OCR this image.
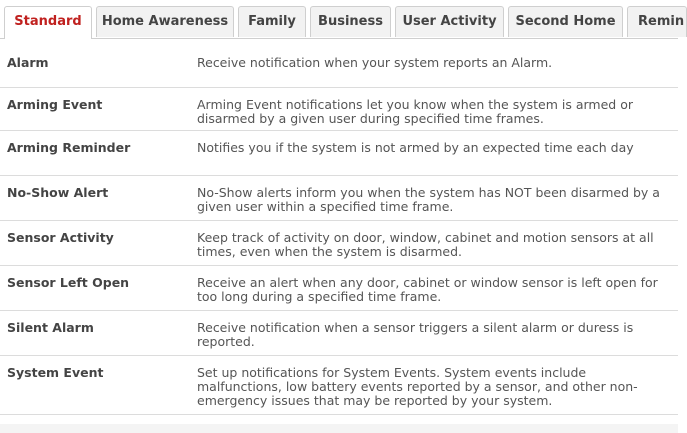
Standard	Home Awareness	Family	Business	User Activity	Second Home	Remin
Alarm	Receive notification when your system reports an Alarm.
Arming Event	Arming Event notifications let you know when the system is armed or disarmed by a given user during specified time frames.
Arming Reminder	Notifies you if the system is not armed by an expected time each day
No-Show Alert	No-Show alerts inform you when the system has NOT been disarmed by a given user within a specified time frame.
Sensor Activity	Keep track of activity on door, window, cabinet and motion sensors at all times, even when the system is disarmed.
Sensor Left Open	Receive an alert when any door, cabinet or window sensor is left open for too long during a specified time frame.
Silent Alarm	Receive notification when a sensor triggers a silent alarm or duress is reported.
System Event	Set up notifications for System Events. System events include malfunctions, low battery events reported by a sensor, and other non-emergency issues that may be reported by your system.
